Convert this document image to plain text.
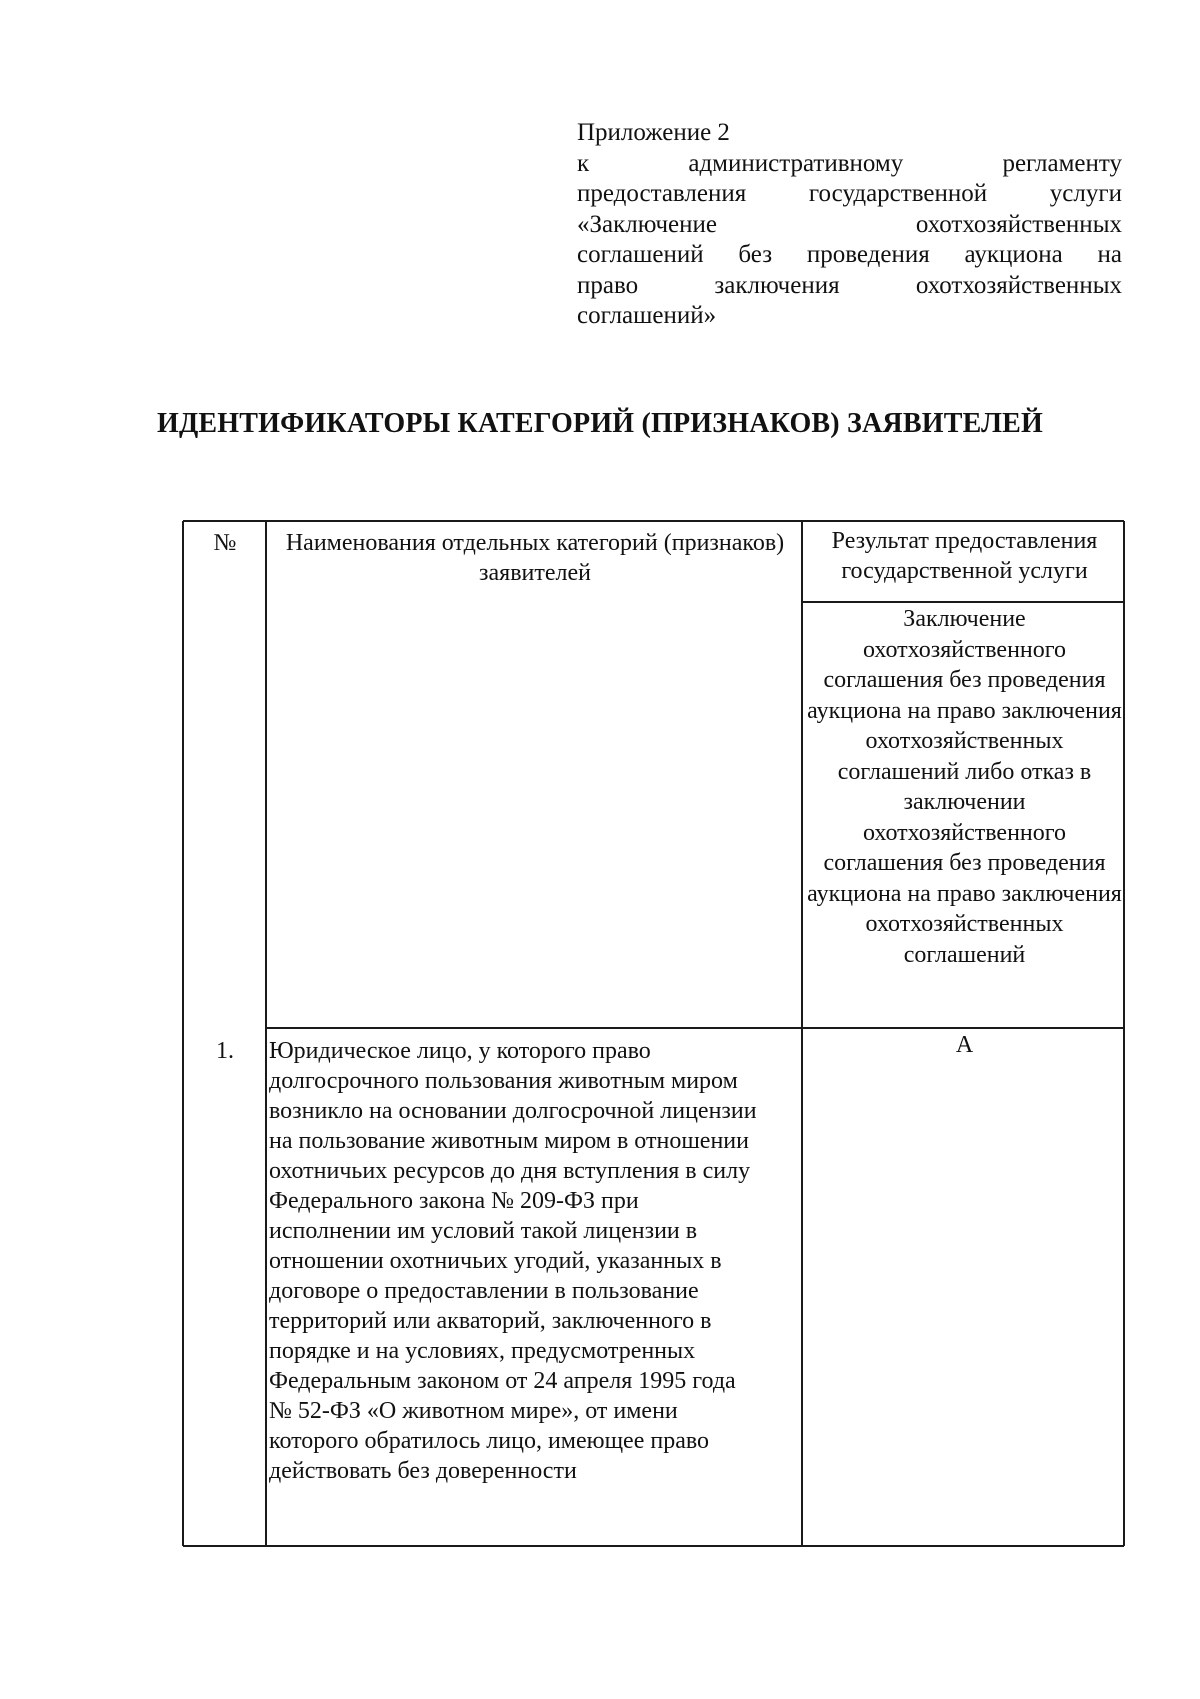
Приложение 2
к административному регламенту
предоставления государственной услуги
«Заключение охотхозяйственных
соглашений без проведения аукциона на
право заключения охотхозяйственных
соглашений»
ИДЕНТИФИКАТОРЫ КАТЕГОРИЙ (ПРИЗНАКОВ) ЗАЯВИТЕЛЕЙ
№	Наименования отдельных категорий (признаков) заявителей
Результат предоставления государственной услуги
Заключение охотхозяйственного соглашения без проведения аукциона на право заключения охотхозяйственных соглашений либо отказ в заключении охотхозяйственного соглашения без проведения аукциона на право заключения охотхозяйственных соглашений
1.	Юридическое лицо, у которого право
долгосрочного пользования животным миром
возникло на основании долгосрочной лицензии
на пользование животным миром в отношении
охотничьих ресурсов до дня вступления в силу
Федерального закона № 209-ФЗ при
исполнении им условий такой лицензии в
отношении охотничьих угодий, указанных в
договоре о предоставлении в пользование
территорий или акваторий, заключенного в
порядке и на условиях, предусмотренных
Федеральным законом от 24 апреля 1995 года
№ 52-ФЗ «О животном мире», от имени
которого обратилось лицо, имеющее право
действовать без доверенности
А
